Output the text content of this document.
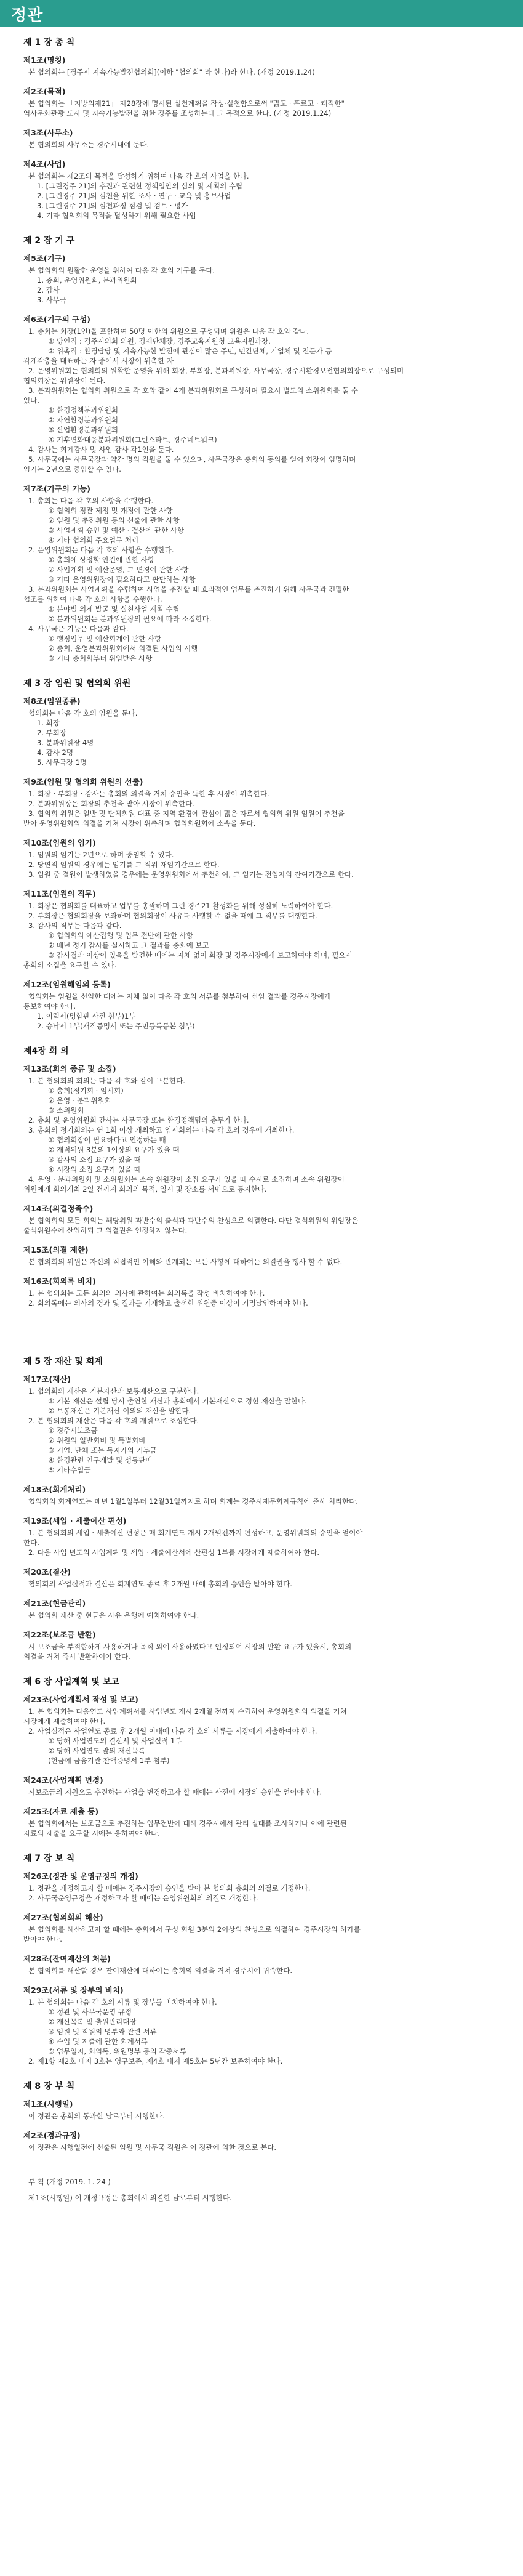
정관
제 1 장 총 칙
제1조(명칭)
본 협의회는 [경주시 지속가능발전협의회](이하 "협의회" 라 한다)라 한다. (개정 2019.1.24)
제2조(목적)
본 협의회는 「지방의제21」 제28장에 명시된 실천계획을 작성·실천함으로써 "맑고 · 푸르고 · 쾌적한"
역사문화관광 도시 및 지속가능발전을 위한 경주를 조성하는데 그 목적으로 한다. (개정 2019.1.24)
제3조(사무소)
본 협의회의 사무소는 경주시내에 둔다.
제4조(사업)
본 협의회는 제2조의 목적을 달성하기 위하여 다음 각 호의 사업을 한다.
1. [그린경주 21]의 추진과 관련한 정책입안의 심의 및 계획의 수립
2. [그린경주 21]의 실천을 위한 조사 · 연구 · 교육 및 홍보사업
3. [그린경주 21]의 실천과정 점검 및 검토 · 평가
4. 기타 협의회의 목적을 달성하기 위해 필요한 사업
제 2 장 기 구
제5조(기구)
본 협의회의 원활한 운영을 위하여 다음 각 호의 기구를 둔다.
1. 총회, 운영위원회, 분과위원회
2. 감사
3. 사무국
제6조(기구의 구성)
1. 총회는 회장(1인)을 포함하여 50명 이한의 위원으로 구성되며 위원은 다음 각 호와 같다.
① 당연직 : 경주시의회 의원, 경제단체장, 경주교육지원청 교육지원과장,
② 위촉직 : 환경담당 및 지속가능한 발전에 관심이 많은 주민, 민간단체, 기업체 및 전문가 등
각계각층을 대표하는 자 중에서 시장이 위촉한 자
2. 운영위원회는 협의회의 원활한 운영을 위해 회장, 부회장, 분과위원장, 사무국장, 경주시환경보전협의회장으로 구성되며
협의회장은 위원장이 된다.
3. 분과위원회는 협의회 위원으로 각 호와 같이 4개 분과위원회로 구성하며 필요시 별도의 소위원회를 둘 수
있다.
① 환경정책분과위원회
② 자연환경분과위원회
③ 산업환경분과위원회
④ 기후변화대응분과위원회(그린스타트, 경주네트워크)
4. 감사는 회계감사 및 사업 감사 각1인을 둔다.
5. 사무국에는 사무국장과 약간 명의 직원을 둘 수 있으며, 사무국장은 총회의 동의를 얻어 회장이 임명하며
임기는 2년으로 중임할 수 있다.
제7조(기구의 기능)
1. 총회는 다음 각 호의 사항을 수행한다.
① 협의회 정관 제정 및 개정에 관한 사항
② 임원 및 추진위원 등의 선출에 관한 사항
③ 사업계획 승인 및 예산 · 결산에 관한 사항
④ 기타 협의회 주요업무 처리
2. 운영위원회는 다음 각 호의 사항을 수행한다.
① 총회에 상정할 안건에 관한 사항
② 사업계획 및 예산운영, 그 변경에 관한 사항
③ 기타 운영위원장이 필요하다고 판단하는 사항
3. 분과위원회는 사업계획을 수립하여 사업을 추진할 때 효과적인 업무를 추진하기 위해 사무국과 긴밀한
협조를 위하여 다음 각 호의 사항을 수행한다.
① 분야별 의제 발굴 및 실천사업 계획 수립
② 분과위원회는 분과위원장의 필요에 따라 소집한다.
4. 사무국은 기능은 다음과 같다.
① 행정업무 및 예산회계에 관한 사항
② 총회, 운영분과위원회에서 의결된 사업의 시행
③ 기타 총회회부터 위임받은 사항
제 3 장 임원 및 협의회 위원
제8조(임원종류)
협의회는 다음 각 호의 임원을 둔다.
1. 회장
2. 부회장
3. 분과위원장 4명
4. 감사 2명
5. 사무국장 1명
제9조(임원 및 협의회 위원의 선출)
1. 회장 · 부회장 · 감사는 총회의 의결을 거쳐 승인을 득한 후 시장이 위촉한다.
2. 분과위원장은 회장의 추천을 받아 시장이 위촉한다.
3. 협의회 위원은 일반 및 단체회원 대표 중 지역 환경에 관심이 많은 자로서 협의회 위원 임원이 추천을
받아 운영위원회의 의결을 거쳐 시장이 위촉하며 협의회원회에 소속을 둔다.
제10조(임원의 임기)
1. 임원의 임기는 2년으로 하며 중임할 수 있다.
2. 당연직 임원의 경우에는 임기를 그 직위 재임기간으로 한다.
3. 임원 중 결원이 발생하였을 경우에는 운영위원회에서 추천하여, 그 임기는 전임자의 잔여기간으로 한다.
제11조(임원의 직무)
1. 회장은 협의회를 대표하고 업무를 총괄하며 그린 경주21 활성화를 위해 성실히 노력하여야 한다.
2. 부회장은 협의회장을 보좌하며 협의회장이 사유를 사행할 수 없을 때에 그 직무를 대행한다.
3. 감사의 직무는 다음과 같다.
① 협의회의 예산집행 및 업무 전반에 관한 사항
② 매년 정기 감사를 실시하고 그 결과를 총회에 보고
③ 감사결과 이상이 있음을 발견한 때에는 지체 없이 회장 및 경주시장에게 보고하여야 하며, 필요시
총회의 소집을 요구할 수 있다.
제12조(임원해임의 등록)
협의회는 임원을 선임한 때에는 지체 없이 다음 각 호의 서류를 첨부하여 선임 결과를 경주시장에게
통보하여야 한다.
1. 이력서(명함판 사진 첨부)1부
2. 승낙서 1부(재직증명서 또는 주민등록등본 첨부)
제4장 회 의
제13조(회의 종류 및 소집)
1. 본 협의회의 회의는 다음 각 호와 같이 구분한다.
① 총회(정기회 · 임시회)
② 운영 · 분과위원회
③ 소위원회
2. 총회 및 운영위원회 간사는 사무국장 또는 환경정책팀의 총무가 한다.
3. 총회의 정기회의는 연 1회 이상 개최하고 임시회의는 다음 각 호의 경우에 개최한다.
① 협의회장이 필요하다고 인정하는 때
② 재적위원 3분의 1이상의 요구가 있을 때
③ 감사의 소집 요구가 있을 때
④ 시장의 소집 요구가 있을 때
4. 운영 · 분과위원회 및 소위원회는 소속 위원장이 소집 요구가 있을 때 수시로 소집하며 소속 위원장이
위원에게 회의개최 2일 전까지 회의의 목적, 일시 및 장소를 서면으로 통지한다.
제14조(의결정족수)
본 협의회의 모든 회의는 해당위원 과반수의 출석과 과반수의 찬성으로 의결한다. 다만 결석위원의 위임장은
출석위원수에 산입하되 그 의결권은 인정하지 않는다.
제15조(의결 제한)
본 협의회의 위원은 자신의 직접적인 이해와 관계되는 모든 사항에 대하여는 의결권을 행사 할 수 없다.
제16조(회의록 비치)
1. 본 협의회는 모든 회의의 의사에 관하여는 회의록을 작성 비치하여야 한다.
2. 회의록에는 의사의 경과 및 결과를 기재하고 출석한 위원중 이상이 기명날인하여야 한다.
제 5 장 재산 및 회계
제17조(재산)
1. 협의회의 재산은 기본자산과 보통재산으로 구분한다.
① 기본 재산은 설립 당시 출연한 재산과 총회에서 기본재산으로 정한 재산을 말한다.
② 보통재산은 기본재산 이외의 재산을 말한다.
2. 본 협의회의 재산은 다음 각 호의 재원으로 조성한다.
① 경주시보조금
② 위원의 일반회비 및 특별회비
③ 기업, 단체 또는 독지가의 기부금
④ 환경관련 연구개발 및 성동판매
⑤ 기타수입금
제18조(회계처리)
협의회의 회계연도는 매년 1월1일부터 12월31일까지로 하며 회계는 경주시재무회계규칙에 준해 처리한다.
제19조(세입 · 세출예산 편성)
1. 본 협의회의 세입 · 세출예산 편성은 매 회계연도 개시 2개월전까지 편성하고, 운영위원회의 승인을 얻어야
한다.
2. 다음 사업 년도의 사업계획 및 세입 · 세출예산서에 산편성 1부를 시장에게 제출하여야 한다.
제20조(결산)
협의회의 사업실적과 결산은 회계연도 종료 후 2개월 내에 총회의 승인을 받아야 한다.
제21조(현금관리)
본 협의회 재산 중 현금은 사유 은행에 예치하여야 한다.
제22조(보조금 반환)
시 보조금을 부적합하게 사용하거나 목적 외에 사용하였다고 인정되어 시장의 반환 요구가 있을시, 총회의
의결을 거쳐 즉시 반환하여야 한다.
제 6 장 사업계획 및 보고
제23조(사업계획서 작성 및 보고)
1. 본 협의회는 다음연도 사업계획서를 사업년도 개시 2개월 전까지 수립하여 운영위원회의 의결을 거쳐
시장에게 제출하여야 한다.
2. 사업실적은 사업연도 종료 후 2개월 이내에 다음 각 호의 서류를 시장에게 제출하여야 한다.
① 당해 사업연도의 결산서 및 사업실적 1부
② 당해 사업연도 말의 재산목록
(현금에 금융기관 잔액증명서 1부 첨부)
제24조(사업계획 변경)
시보조금의 지원으로 추진하는 사업을 변경하고자 할 때에는 사전에 시장의 승인을 얻어야 한다.
제25조(자료 제출 등)
본 협의회에서는 보조금으로 추진하는 업무전반에 대해 경주시에서 관리 실태를 조사하거나 이에 관련된
자료의 제출을 요구할 시에는 응하여야 한다.
제 7 장 보 칙
제26조(정관 및 운영규정의 개정)
1. 정관을 개정하고자 할 때에는 경주시장의 승인을 받아 본 협의회 총회의 의결로 개정한다.
2. 사무국운영규정을 개정하고자 할 때에는 운영위원회의 의결로 개정한다.
제27조(협의회의 해산)
본 협의회를 해산하고자 할 때에는 총회에서 구성 회원 3분의 2이상의 찬성으로 의결하여 경주시장의 허가를
받아야 한다.
제28조(잔여재산의 처분)
본 협의회를 해산할 경우 잔여재산에 대하여는 총회의 의결을 거쳐 경주시에 귀속한다.
제29조(서류 및 장부의 비치)
1. 본 협의회는 다음 각 호의 서류 및 장부를 비치하여야 한다.
① 정관 및 사무국운영 규정
② 재산목록 및 출원관리대장
③ 임원 및 직원의 명부와 관련 서류
④ 수입 및 지출에 관한 회계서류
⑤ 업무일지, 회의록, 위원명부 등의 각종서류
2. 제1항 제2호 내지 3호는 영구보존, 제4호 내지 제5호는 5년간 보존하여야 한다.
제 8 장 부 칙
제1조(시행일)
이 정관은 총회의 통과한 날로부터 시행한다.
제2조(경과규정)
이 정관은 시행일전에 선출된 임원 및 사무국 직원은 이 정관에 의한 것으로 본다.
부 칙 (개정 2019. 1. 24 )
제1조(시행일) 이 개정규정은 총회에서 의결한 날로부터 시행한다.
